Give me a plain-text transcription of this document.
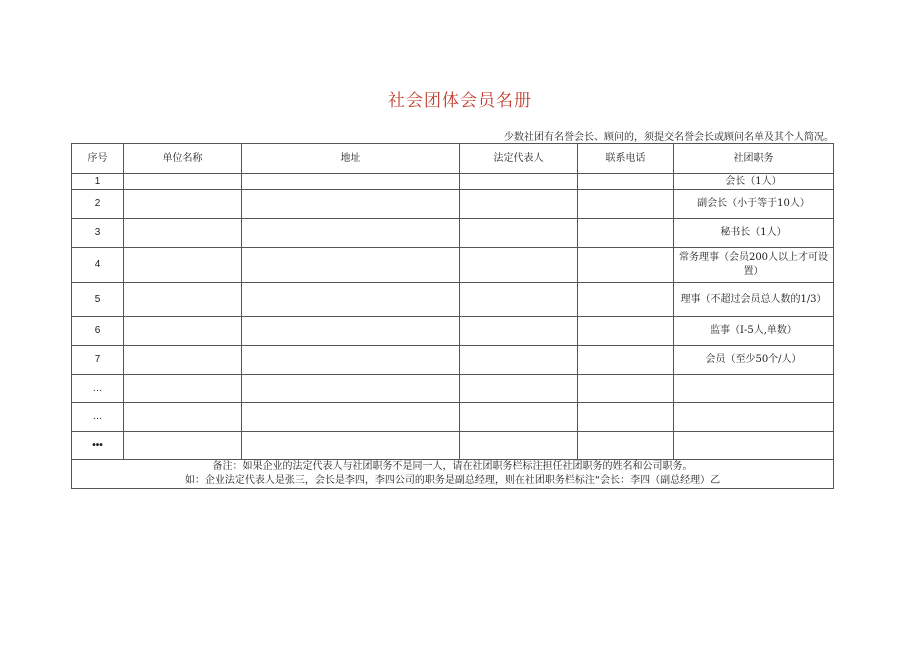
社会团体会员名册
少数社团有名誉会长、顾问的，须提交名誉会长或顾问名单及其个人简况。
序号	单位名称	地址	法定代表人	联系电话	社团职务
1					会长（1人）
2					副会长（小于等于10人）
3					秘书长（1人）
4					常务理事（会员200人以上才可设置）
5					理事（不超过会员总人数的1/3）
6					监事（I-5人,单数）
7					会员（至少50个/人）
…					
…					
•••					

备注：如果企业的法定代表人与社团职务不是同一人，请在社团职务栏标注担任社团职务的姓名和公司职务。
如：企业法定代表人是张三，会长是李四，李四公司的职务是副总经理，则在社团职务栏标注“会长：李四（副总经理）乙					
